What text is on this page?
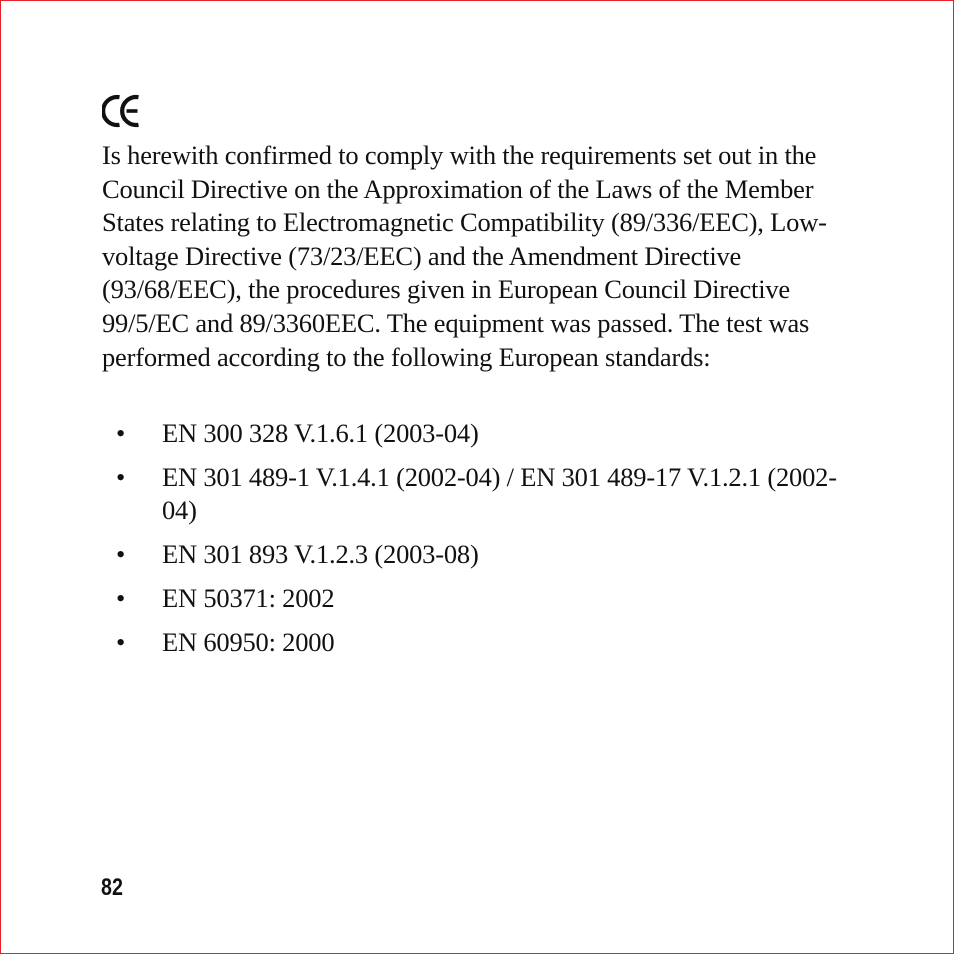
Is herewith confirmed to comply with the requirements set out in the Council Directive on the Approximation of the Laws of the Member States relating to Electromagnetic Compatibility (89/336/EEC), Low-voltage Directive (73/23/EEC) and the Amendment Directive (93/68/EEC), the procedures given in European Council Directive 99/5/EC and 89/3360EEC. The equipment was passed. The test was performed according to the following European standards:

• EN 300 328 V.1.6.1 (2003-04)
• EN 301 489-1 V.1.4.1 (2002-04) / EN 301 489-17 V.1.2.1 (2002-04)
• EN 301 893 V.1.2.3 (2003-08)
• EN 50371: 2002
• EN 60950: 2000
82
